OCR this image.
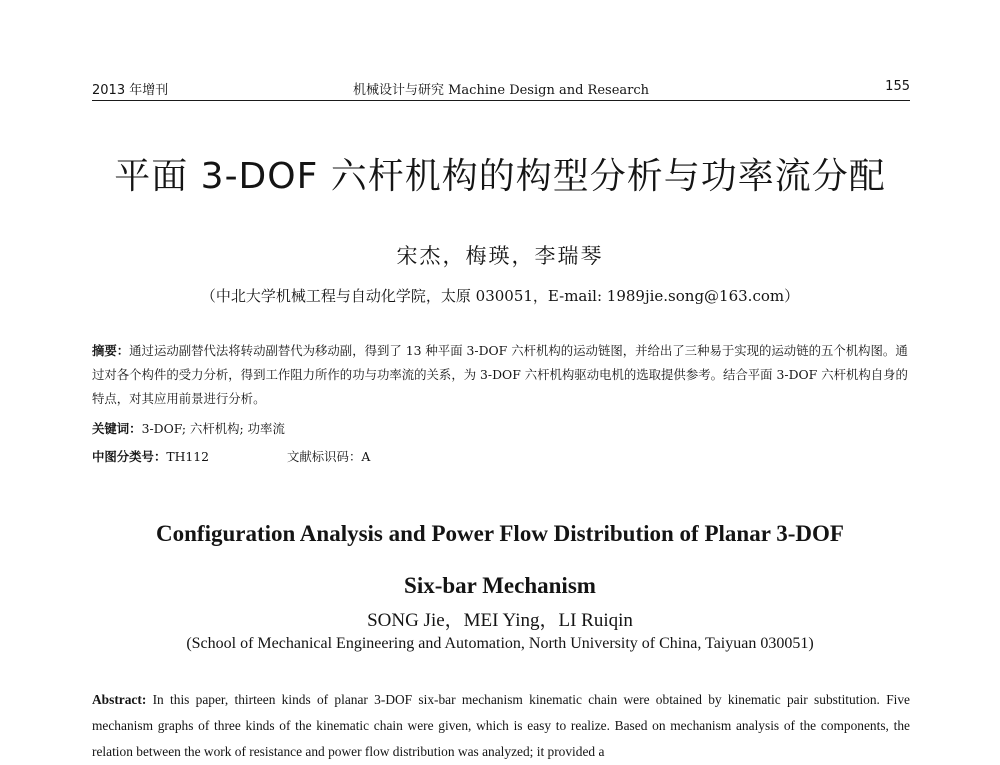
2013 年增刊	机械设计与研究 Machine Design and Research	155
平面 3-DOF 六杆机构的构型分析与功率流分配
宋杰，梅瑛，李瑞琴
（中北大学机械工程与自动化学院，太原 030051，E-mail: 1989jie.song@163.com）
摘要：通过运动副替代法将转动副替代为移动副，得到了 13 种平面 3-DOF 六杆机构的运动链图，并给出了三种易于实现的运动链的五个机构图。通过对各个构件的受力分析，得到工作阻力所作的功与功率流的关系，为 3-DOF 六杆机构驱动电机的选取提供参考。结合平面 3-DOF 六杆机构自身的特点，对其应用前景进行分析。
关键词：3-DOF; 六杆机构; 功率流
中图分类号：TH112	文献标识码：A
Configuration Analysis and Power Flow Distribution of Planar 3-DOF
Six-bar Mechanism
SONG Jie，MEI Ying，LI Ruiqin
(School of Mechanical Engineering and Automation, North University of China, Taiyuan 030051)
Abstract: In this paper, thirteen kinds of planar 3-DOF six-bar mechanism kinematic chain were obtained by kinematic pair substitution. Five mechanism graphs of three kinds of the kinematic chain were given, which is easy to realize. Based on mechanism analysis of the components, the relation between the work of resistance and power flow distribution was analyzed; it provided a
